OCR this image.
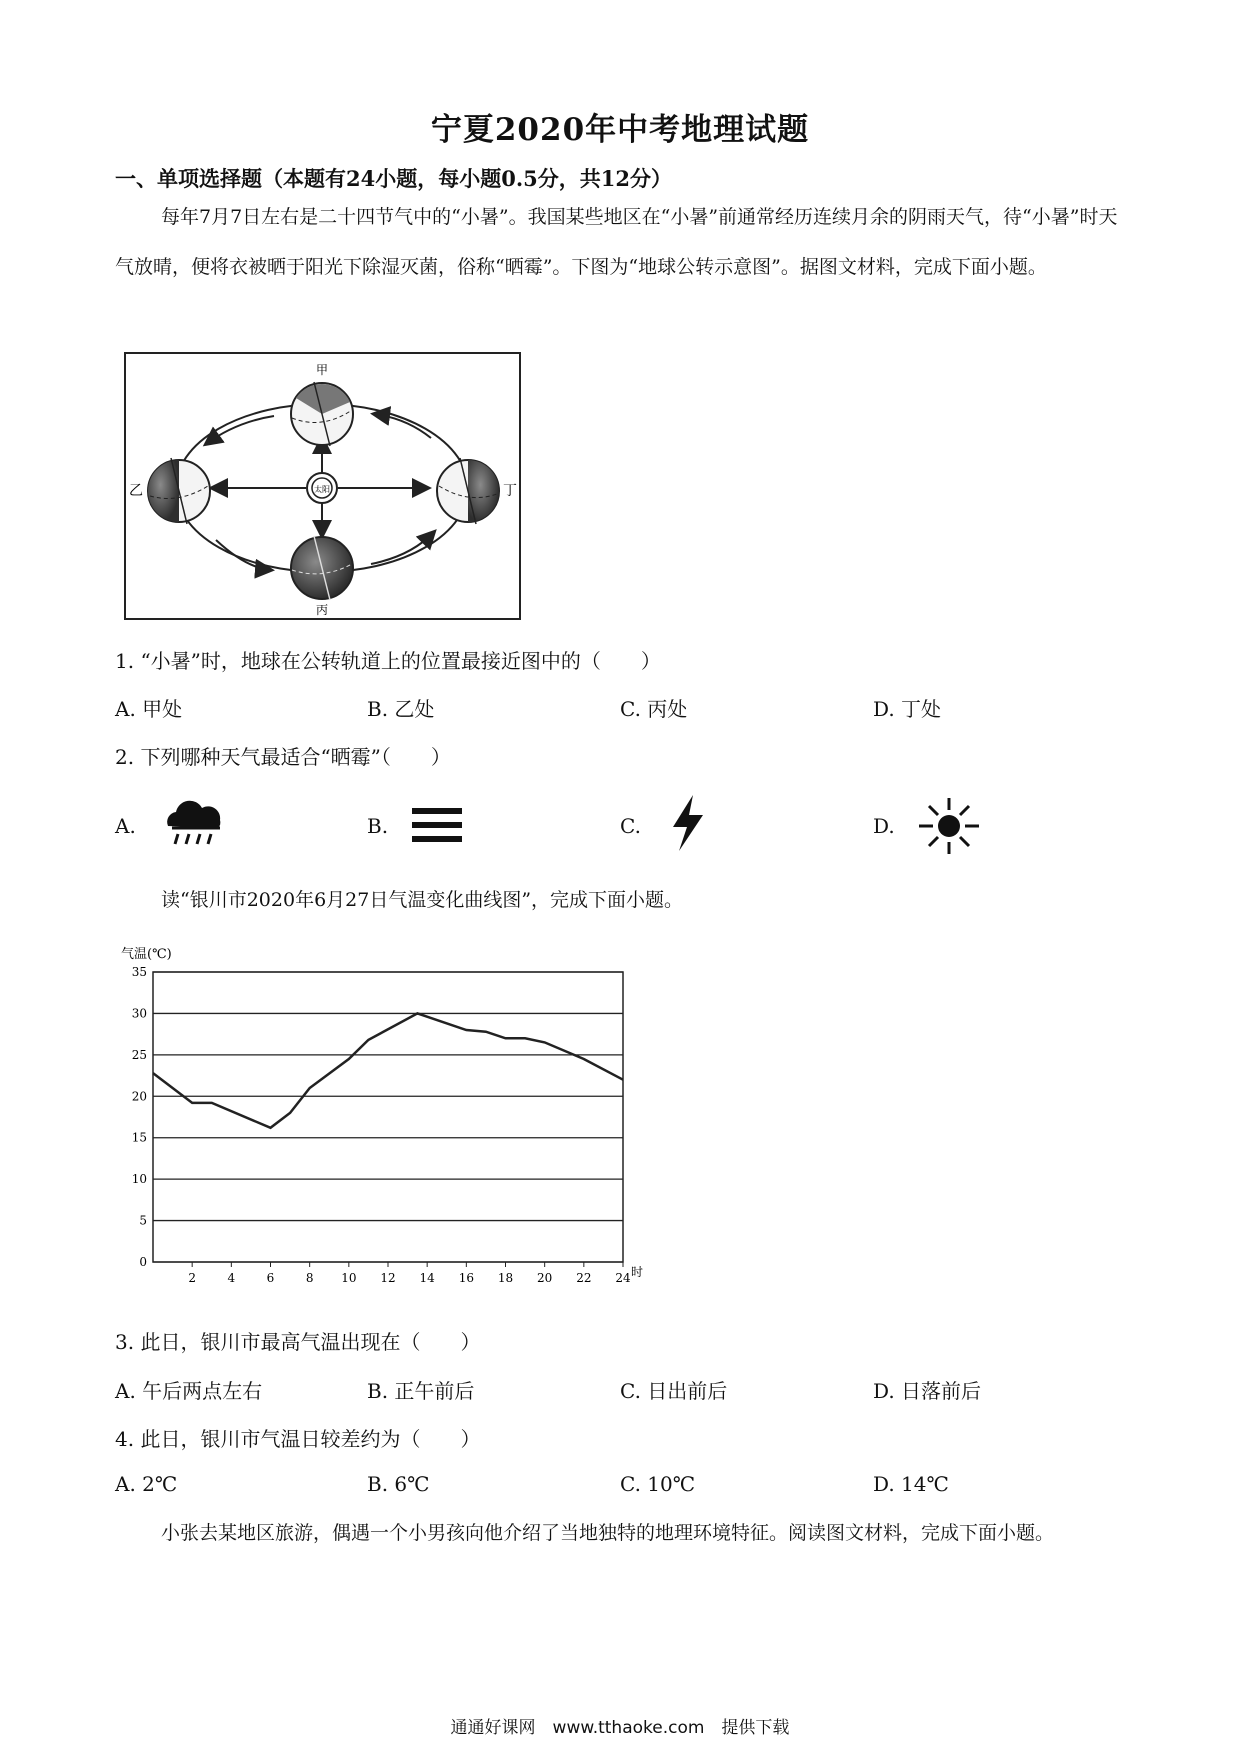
宁夏2020年中考地理试题
一、单项选择题（本题有24小题，每小题0.5分，共12分）

每年7月7日左右是二十四节气中的“小暑”。我国某些地区在“小暑”前通常经历连续月余的阴雨天气，待“小暑”时天气放晴，便将衣被晒于阳光下除湿灭菌，俗称“晒霉”。下图为“地球公转示意图”。据图文材料，完成下面小题。

太阳
甲
乙
丙
丁
1. “小暑”时，地球在公转轨道上的位置最接近图中的（　　）
A. 甲处	B. 乙处	C. 丙处	D. 丁处
2. 下列哪种天气最适合“晒霉”（　　）
A.	B.	C.	D.

读“银川市2020年6月27日气温变化曲线图”，完成下面小题。

气温(℃)
时
0
5
10
15
20
25
30
35
2	4	6	8 10 12 14 16 18 20 22 24
3. 此日，银川市最高气温出现在（　　）
A. 午后两点左右	B. 正午前后	C. 日出前后	D. 日落前后
4. 此日，银川市气温日较差约为（　　）
A. 2℃	B. 6℃	C. 10℃	D. 14℃

小张去某地区旅游，偶遇一个小男孩向他介绍了当地独特的地理环境特征。阅读图文材料，完成下面小题。

通通好课网　www.tthaoke.com　提供下载
